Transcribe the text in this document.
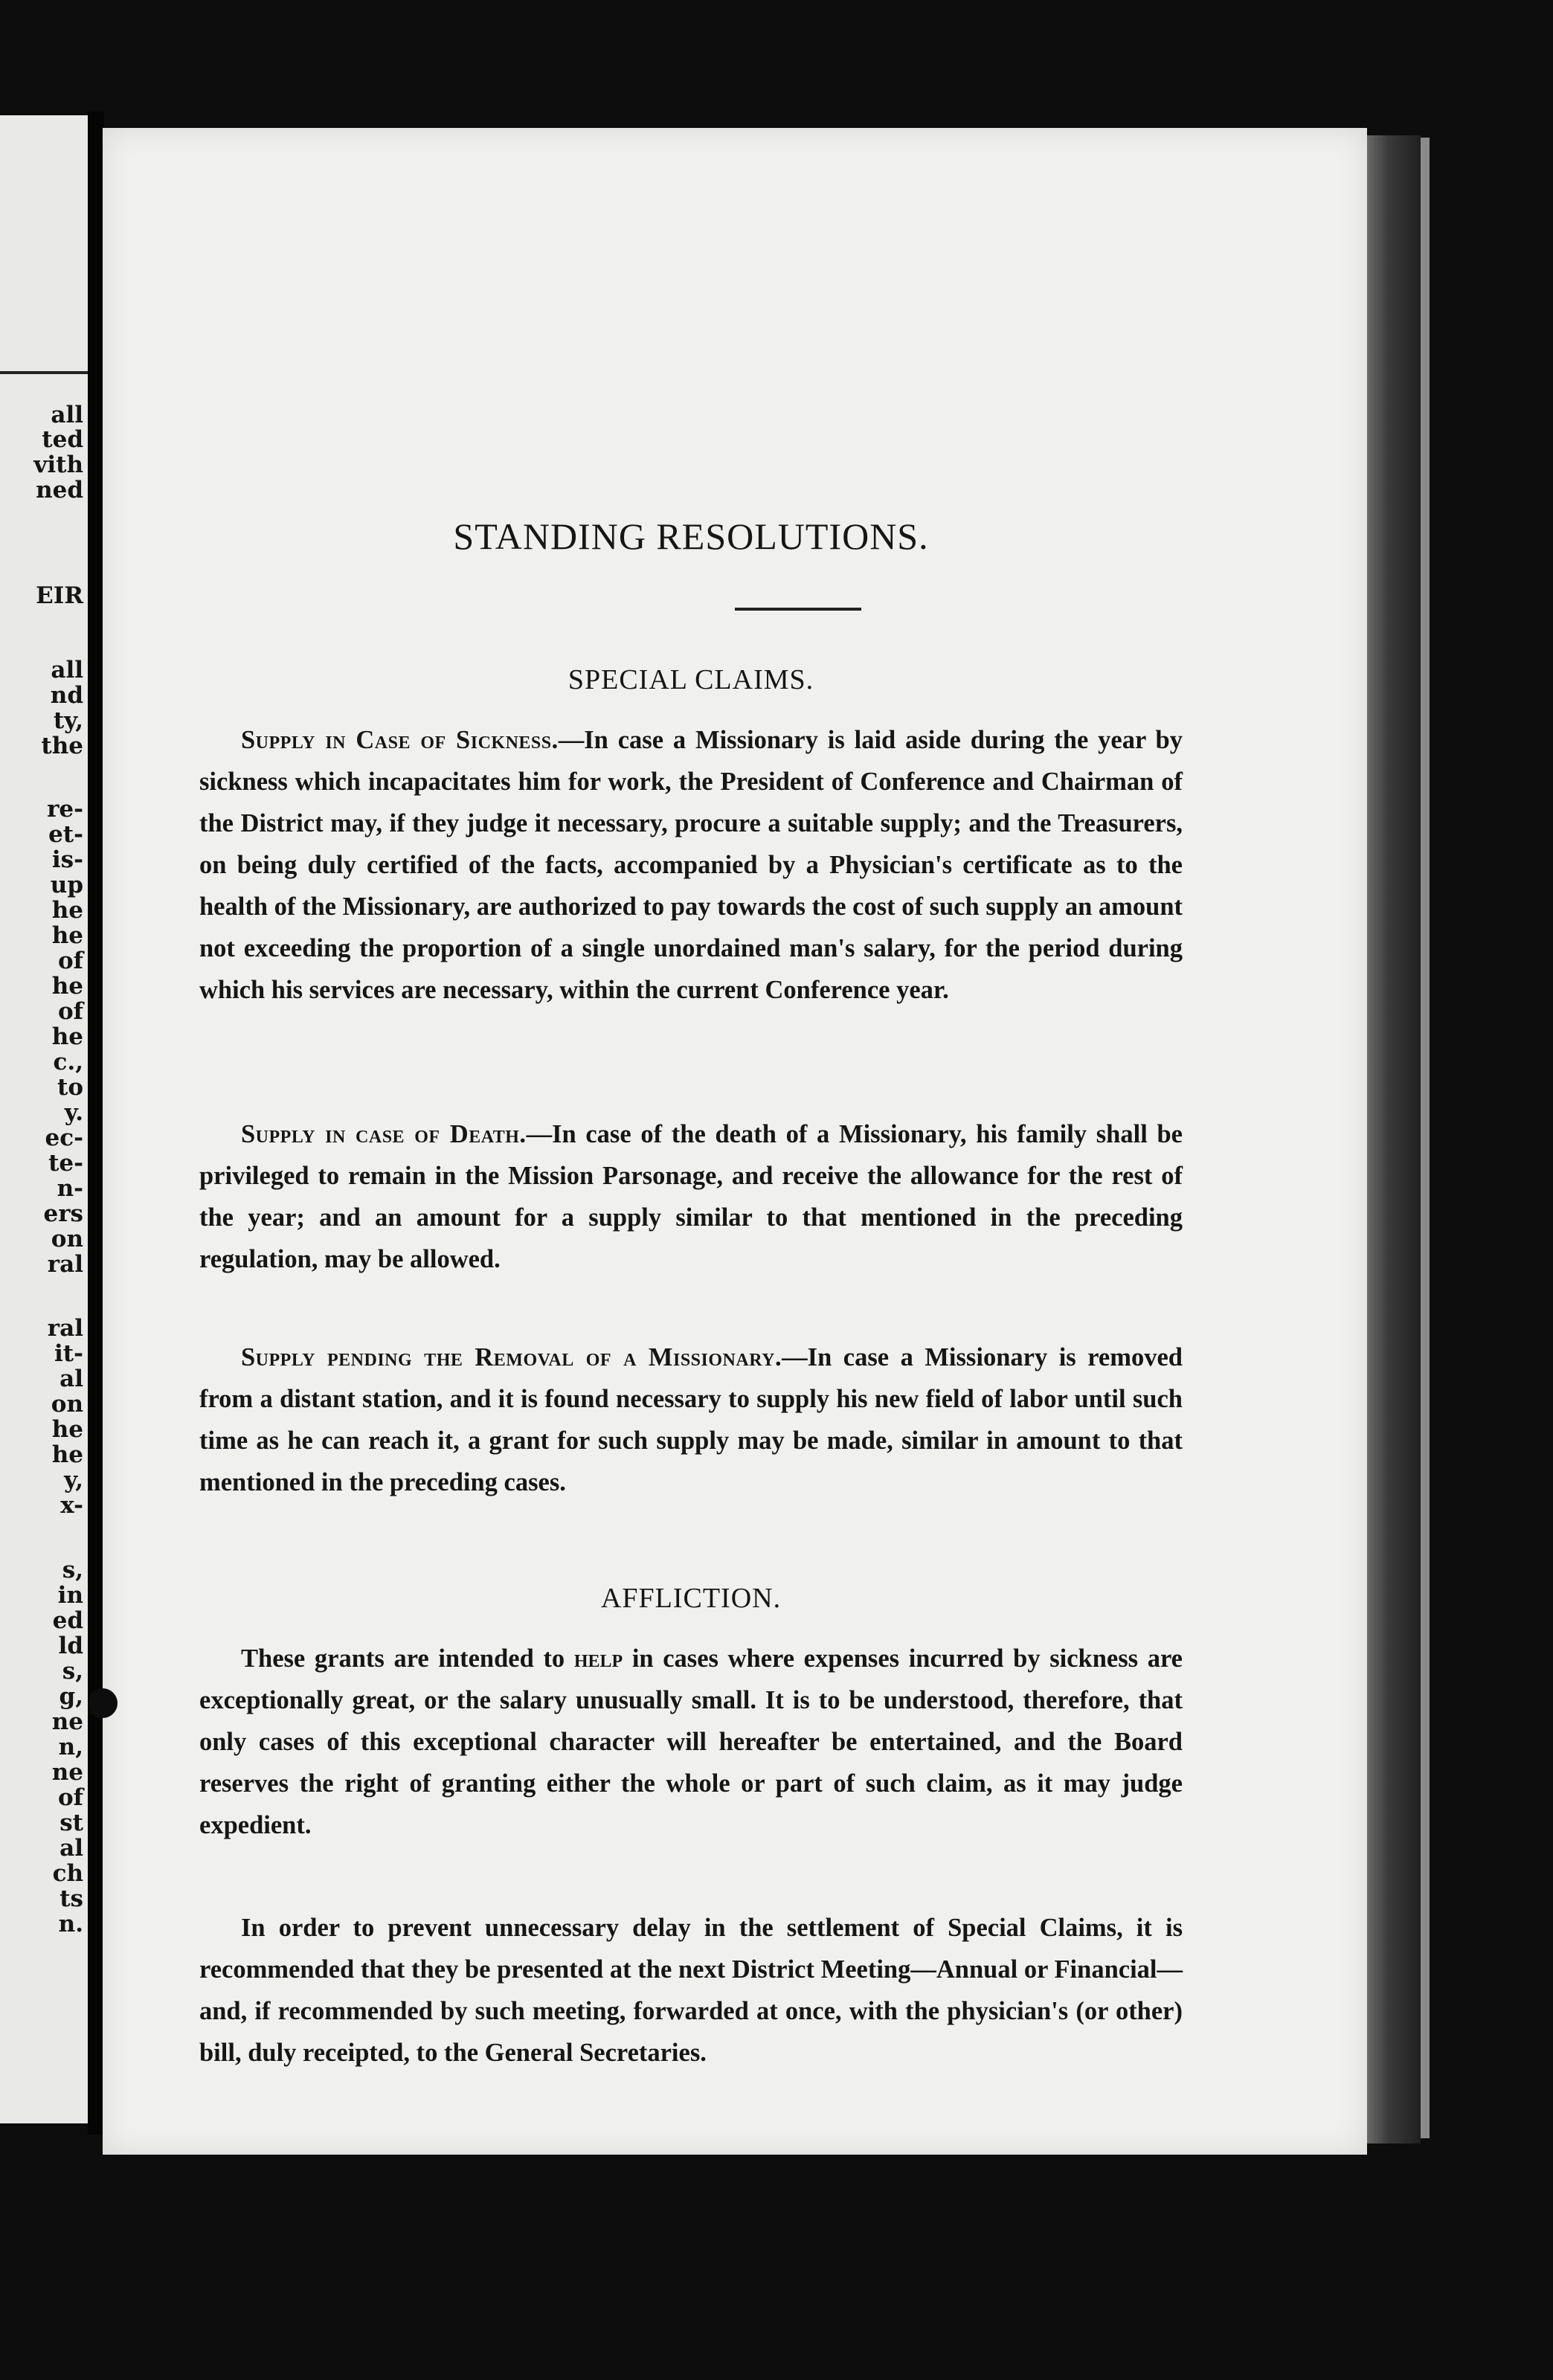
all
ted
vith
ned
EIR
all
nd
ty,
the
re-
et-
is-
up
he
he
of
he
of
he
c.,
to
y.
ec-
te-
n-
ers
on
ral
ral
it-
al
on
he
he
y,
x-
s,
in
ed
ld
s,
g,
ne
n,
ne
of
st
al
ch
ts
n.
STANDING RESOLUTIONS.
SPECIAL CLAIMS.
Supply in Case of Sickness.—In case a Missionary is laid aside during the year by sickness which incapacitates him for work, the President of Conference and Chairman of the District may, if they judge it necessary, procure a suitable supply; and the Treasurers, on being duly certified of the facts, accompanied by a Physician's certificate as to the health of the Missionary, are authorized to pay towards the cost of such supply an amount not exceeding the proportion of a single unordained man's salary, for the period during which his services are necessary, within the current Conference year.
Supply in case of Death.—In case of the death of a Missionary, his family shall be privileged to remain in the Mission Parsonage, and receive the allowance for the rest of the year; and an amount for a supply similar to that mentioned in the preceding regulation, may be allowed.
Supply pending the Removal of a Missionary.—In case a Missionary is removed from a distant station, and it is found necessary to supply his new field of labor until such time as he can reach it, a grant for such supply may be made, similar in amount to that mentioned in the preceding cases.
AFFLICTION.
These grants are intended to help in cases where expenses incurred by sickness are exceptionally great, or the salary unusually small. It is to be understood, therefore, that only cases of this exceptional character will hereafter be entertained, and the Board reserves the right of granting either the whole or part of such claim, as it may judge expedient.
In order to prevent unnecessary delay in the settlement of Special Claims, it is recommended that they be presented at the next District Meeting—Annual or Financial—and, if recommended by such meeting, forwarded at once, with the physician's (or other) bill, duly receipted, to the General Secretaries.
